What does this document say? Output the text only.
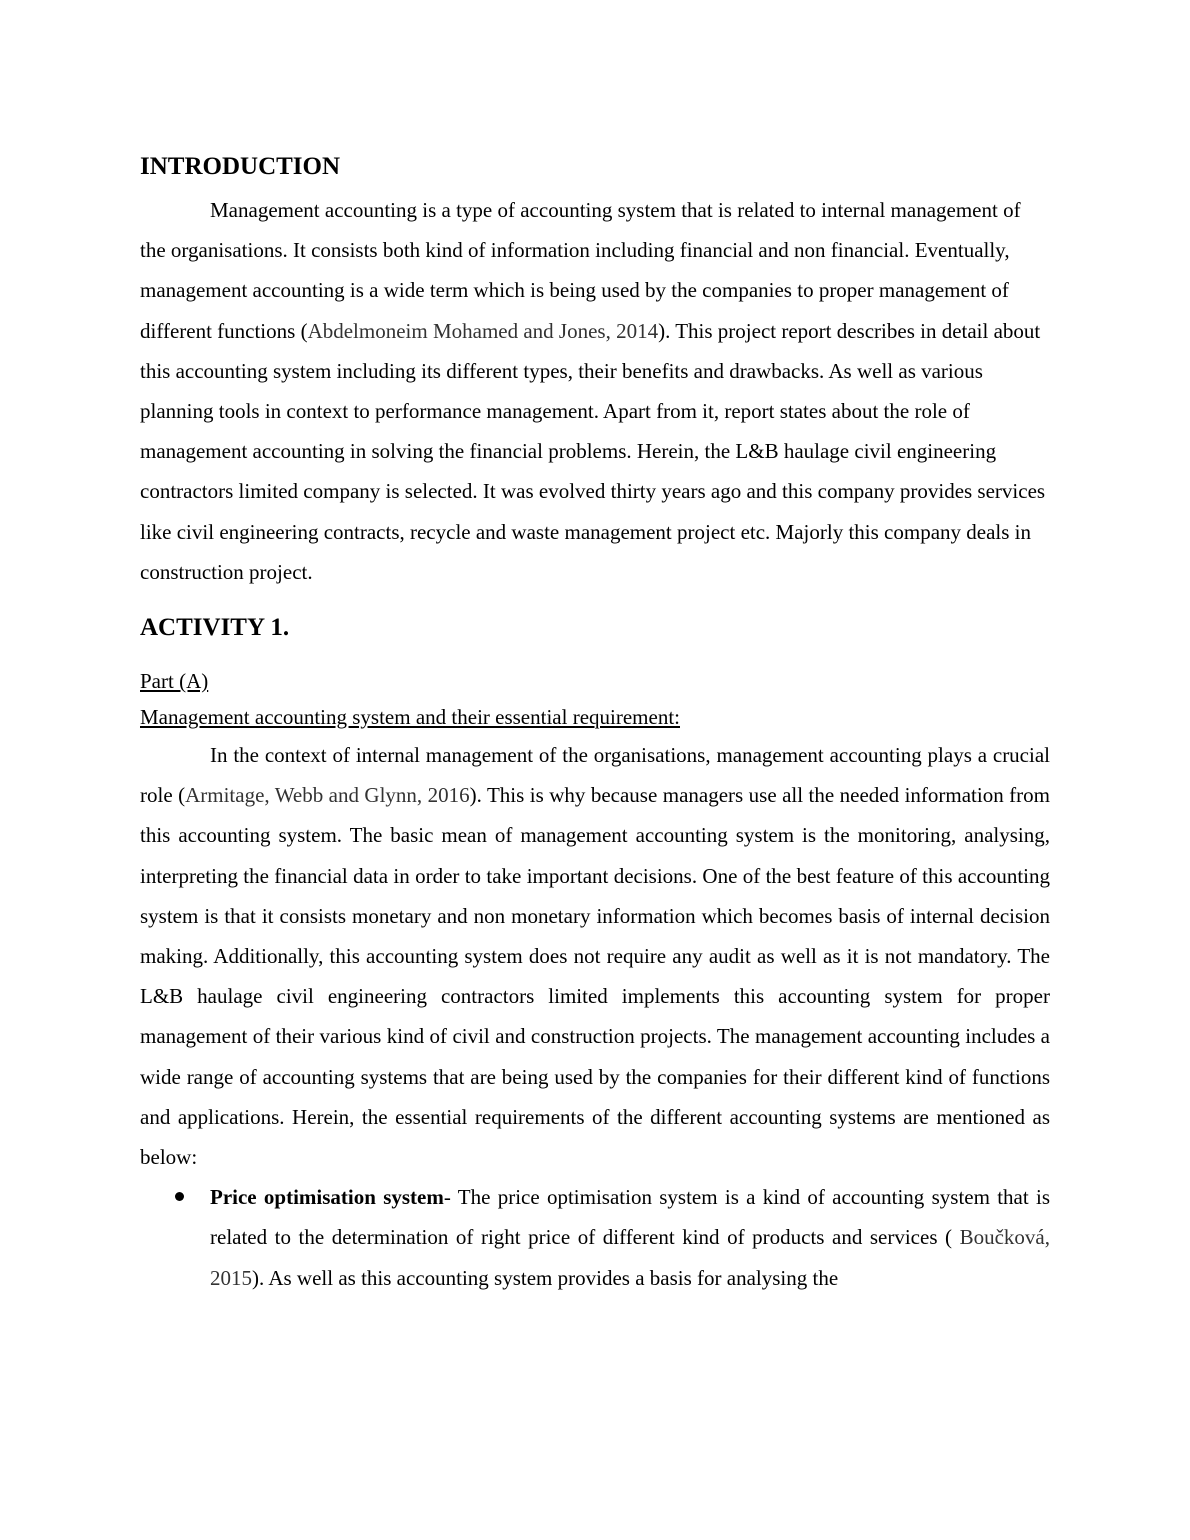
INTRODUCTION

Management accounting is a type of accounting system that is related to internal management of the organisations. It consists both kind of information including financial and non financial. Eventually, management accounting is a wide term which is being used by the companies to proper management of different functions (Abdelmoneim Mohamed and Jones, 2014). This project report describes in detail about this accounting system including its different types, their benefits and drawbacks. As well as various planning tools in context to performance management. Apart from it, report states about the role of management accounting in solving the financial problems. Herein, the L&B haulage civil engineering contractors limited company is selected. It was evolved thirty years ago and this company provides services like civil engineering contracts, recycle and waste management project etc. Majorly this company deals in construction project.

ACTIVITY 1.

Part (A)

Management accounting system and their essential requirement:

In the context of internal management of the organisations, management accounting plays a crucial role (Armitage, Webb and Glynn, 2016). This is why because managers use all the needed information from this accounting system. The basic mean of management accounting system is the monitoring, analysing, interpreting the financial data in order to take important decisions. One of the best feature of this accounting system is that it consists monetary and non monetary information which becomes basis of internal decision making. Additionally, this accounting system does not require any audit as well as it is not mandatory. The L&B haulage civil engineering contractors limited implements this accounting system for proper management of their various kind of civil and construction projects. The management accounting includes a wide range of accounting systems that are being used by the companies for their different kind of functions and applications. Herein, the essential requirements of the different accounting systems are mentioned as below:

Price optimisation system- The price optimisation system is a kind of accounting system that is related to the determination of right price of different kind of products and services ( Boučková, 2015). As well as this accounting system provides a basis for analysing the
